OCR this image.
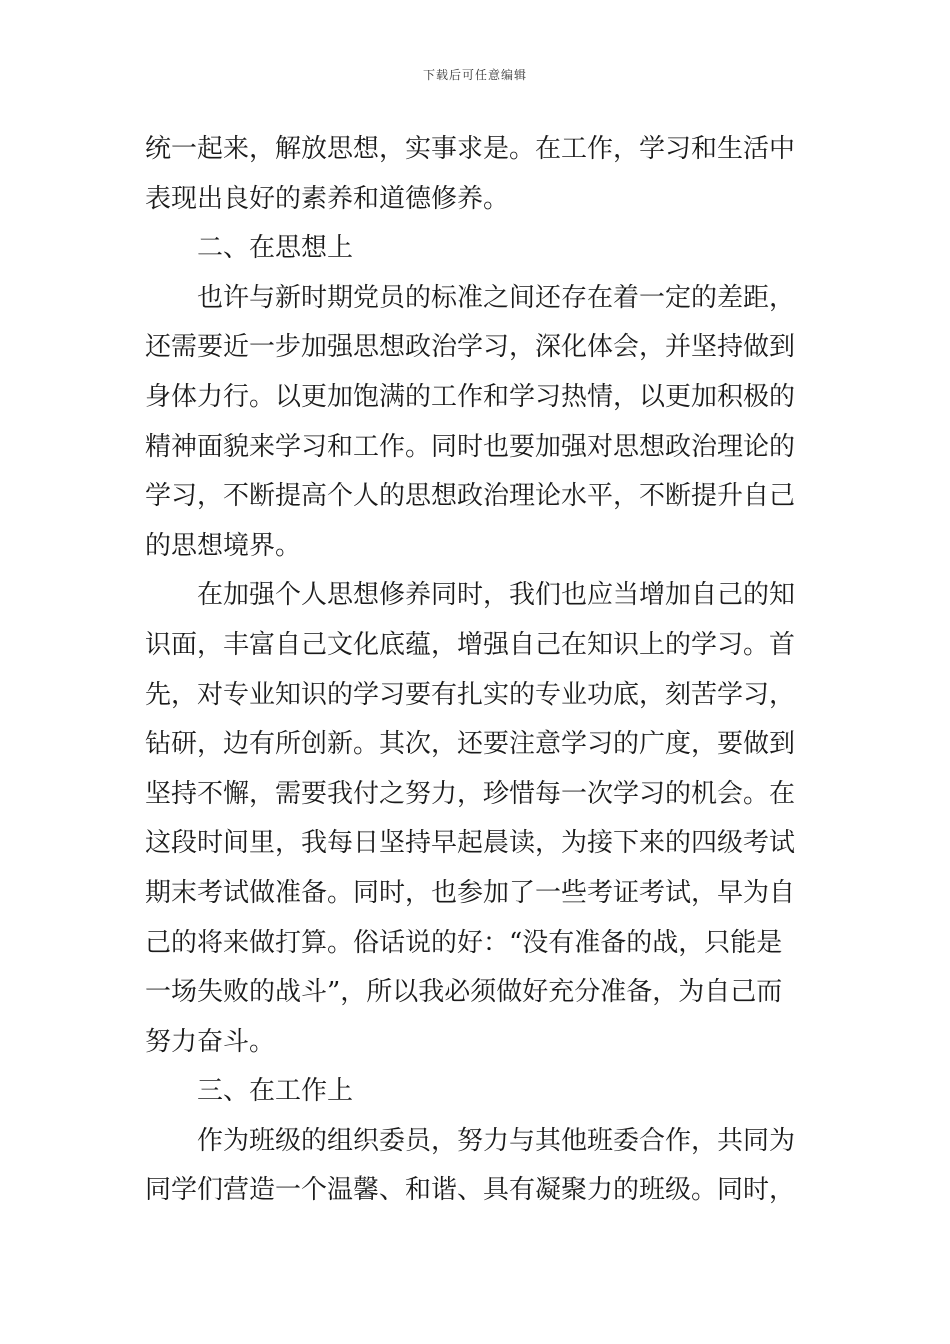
下载后可任意编辑
统一起来，解放思想，实事求是。在工作，学习和生活中
表现出良好的素养和道德修养。
二、在思想上
也许与新时期党员的标准之间还存在着一定的差距，
还需要近一步加强思想政治学习，深化体会，并坚持做到
身体力行。以更加饱满的工作和学习热情，以更加积极的
精神面貌来学习和工作。同时也要加强对思想政治理论的
学习，不断提高个人的思想政治理论水平，不断提升自己
的思想境界。
在加强个人思想修养同时，我们也应当增加自己的知
识面，丰富自己文化底蕴，增强自己在知识上的学习。首
先，对专业知识的学习要有扎实的专业功底，刻苦学习，
钻研，边有所创新。其次，还要注意学习的广度，要做到
坚持不懈，需要我付之努力，珍惜每一次学习的机会。在
这段时间里，我每日坚持早起晨读，为接下来的四级考试
期末考试做准备。同时，也参加了一些考证考试，早为自
己的将来做打算。俗话说的好：“没有准备的战，只能是
一场失败的战斗”，所以我必须做好充分准备，为自己而
努力奋斗。
三、在工作上
作为班级的组织委员，努力与其他班委合作，共同为
同学们营造一个温馨、和谐、具有凝聚力的班级。同时，
